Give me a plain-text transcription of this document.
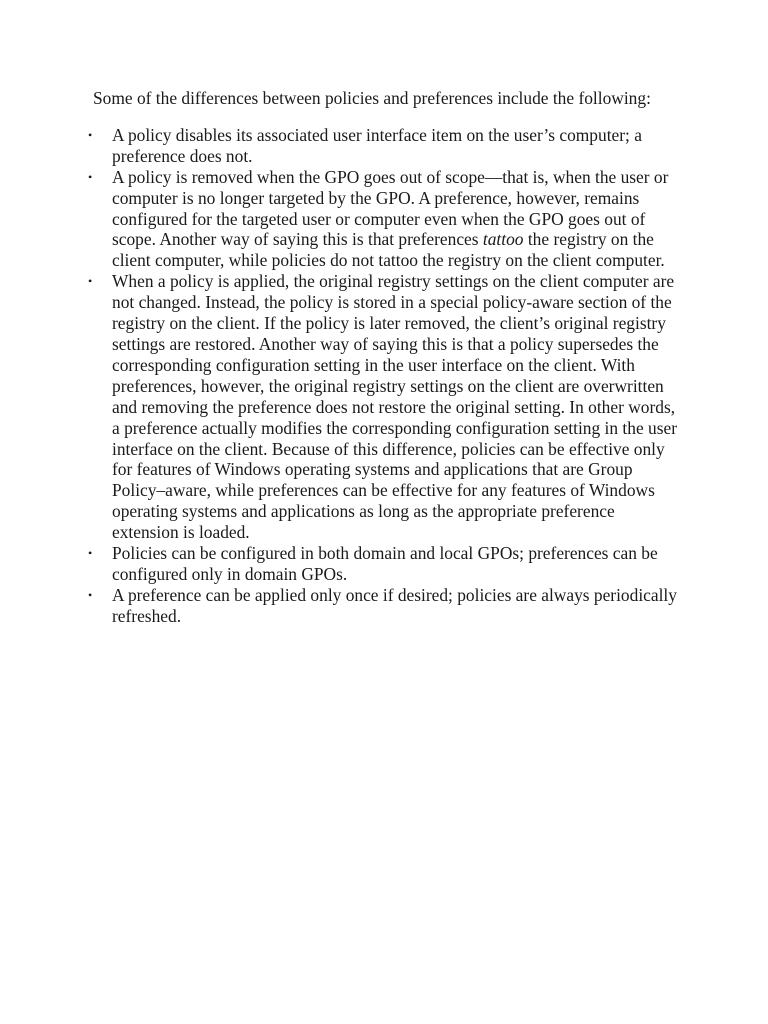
Some of the differences between policies and preferences include the following:

• A policy disables its associated user interface item on the user’s computer; a preference does not.
• A policy is removed when the GPO goes out of scope—that is, when the user or computer is no longer targeted by the GPO. A preference, however, remains configured for the targeted user or computer even when the GPO goes out of scope. Another way of saying this is that preferences tattoo the registry on the client computer, while policies do not tattoo the registry on the client computer.
• When a policy is applied, the original registry settings on the client computer are not changed. Instead, the policy is stored in a special policy-aware section of the registry on the client. If the policy is later removed, the client’s original registry settings are restored. Another way of saying this is that a policy supersedes the corresponding configuration setting in the user interface on the client. With preferences, however, the original registry settings on the client are overwritten and removing the preference does not restore the original setting. In other words, a preference actually modifies the corresponding configuration setting in the user interface on the client. Because of this difference, policies can be effective only for features of Windows operating systems and applications that are Group Policy–aware, while preferences can be effective for any features of Windows operating systems and applications as long as the appropriate preference extension is loaded.
• Policies can be configured in both domain and local GPOs; preferences can be configured only in domain GPOs.
• A preference can be applied only once if desired; policies are always periodically refreshed.
